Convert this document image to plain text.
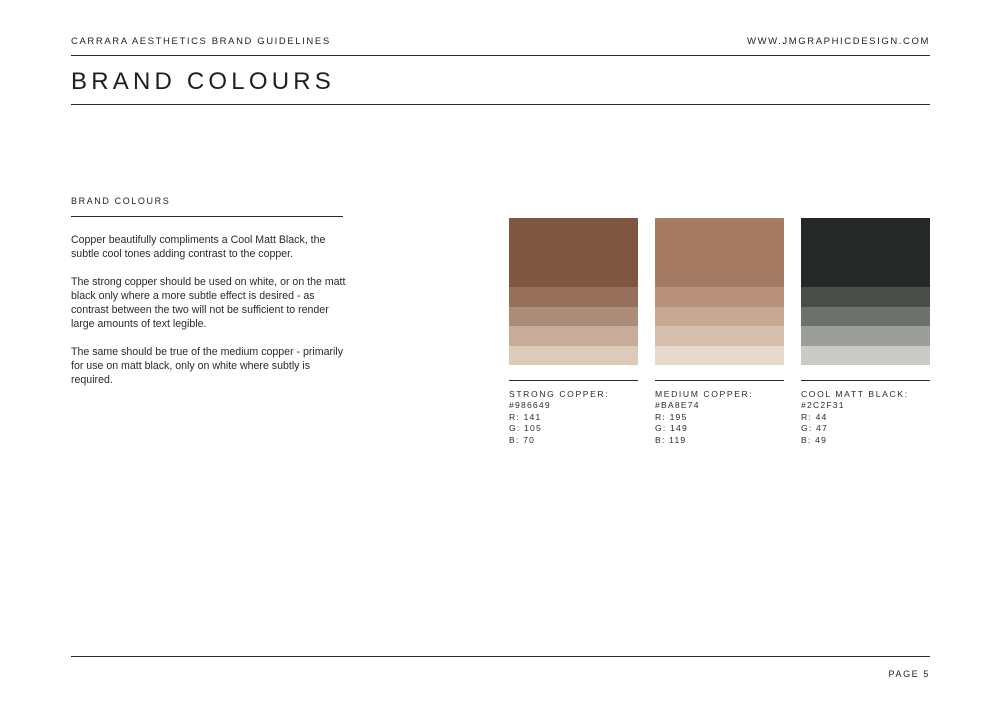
CARRARA AESTHETICS BRAND GUIDELINES	WWW.JMGRAPHICDESIGN.COM
BRAND COLOURS
BRAND COLOURS

Copper beautifully compliments a Cool Matt Black, the subtle cool tones adding contrast to the copper.

The strong copper should be used on white, or on the matt black only where a more subtle effect is desired - as contrast between the two will not be sufficient to render large amounts of text legible.

The same should be true of the medium copper - primarily for use on matt black, only on white where subtly is required.

STRONG COPPER:
#986649
R: 141
G: 105
B: 70
MEDIUM COPPER:
#BA8E74
R: 195
G: 149
B: 119
COOL MATT BLACK:
#2C2F31
R: 44
G: 47
B: 49
PAGE 5
